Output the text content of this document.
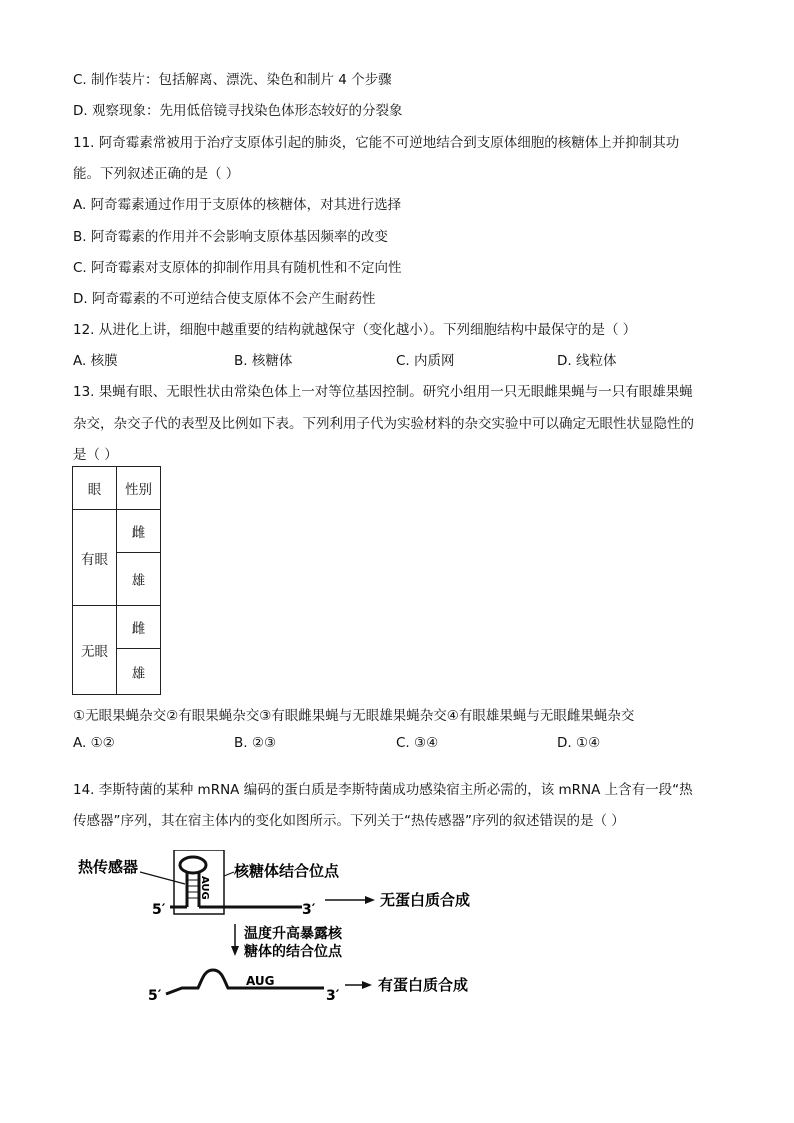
C. 制作装片：包括解离、漂洗、染色和制片 4 个步骤
D. 观察现象：先用低倍镜寻找染色体形态较好的分裂象
11. 阿奇霉素常被用于治疗支原体引起的肺炎，它能不可逆地结合到支原体细胞的核糖体上并抑制其功
能。下列叙述正确的是（ ）
A. 阿奇霉素通过作用于支原体的核糖体，对其进行选择
B. 阿奇霉素的作用并不会影响支原体基因频率的改变
C. 阿奇霉素对支原体的抑制作用具有随机性和不定向性
D. 阿奇霉素的不可逆结合使支原体不会产生耐药性
12. 从进化上讲，细胞中越重要的结构就越保守（变化越小）。下列细胞结构中最保守的是（ ）
A. 核膜	B. 核糖体	C. 内质网	D. 线粒体
13. 果蝇有眼、无眼性状由常染色体上一对等位基因控制。研究小组用一只无眼雌果蝇与一只有眼雄果蝇
杂交，杂交子代的表型及比例如下表。下列利用子代为实验材料的杂交实验中可以确定无眼性状显隐性的
是（ ）
眼	性别
有眼	雌
	雄
无眼	雌
	雄
①无眼果蝇杂交②有眼果蝇杂交③有眼雌果蝇与无眼雄果蝇杂交④有眼雄果蝇与无眼雌果蝇杂交
A. ①②	B. ②③	C. ③④	D. ①④
14. 李斯特菌的某种 mRNA 编码的蛋白质是李斯特菌成功感染宿主所必需的，该 mRNA 上含有一段“热
传感器”序列，其在宿主体内的变化如图所示。下列关于“热传感器”序列的叙述错误的是（ ）
热传感器
AUG
核糖体结合位点
5′	3′
无蛋白质合成
温度升高暴露核
糖体的结合位点
5′
AUG
3′
有蛋白质合成
